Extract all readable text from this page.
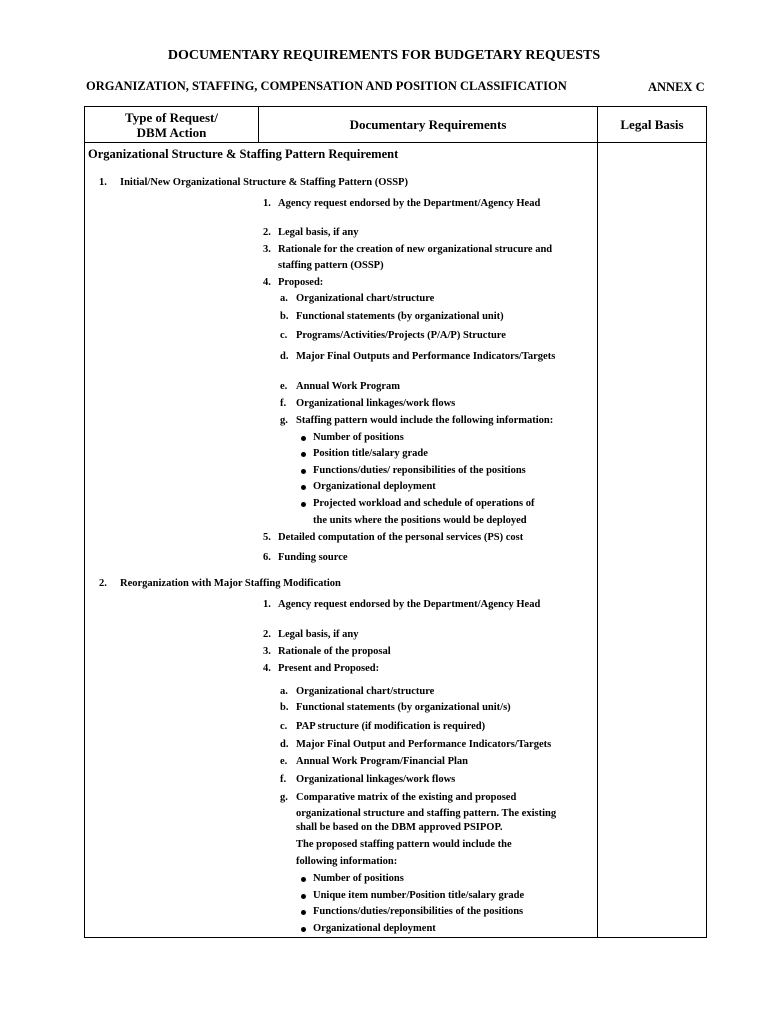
DOCUMENTARY REQUIREMENTS FOR BUDGETARY REQUESTS
ORGANIZATION, STAFFING, COMPENSATION AND POSITION CLASSIFICATION	ANNEX C
Type of Request/
DBM Action	Documentary Requirements	Legal Basis
Organizational Structure & Staffing Pattern Requirement
1. Initial/New Organizational Structure & Staffing Pattern (OSSP)
1. Agency request endorsed by the Department/Agency Head
2. Legal basis, if any
3. Rationale for the creation of new organizational strucure and
staffing pattern (OSSP)
4. Proposed:
a. Organizational chart/structure
b. Functional statements (by organizational unit)
c. Programs/Activities/Projects (P/A/P) Structure
d. Major Final Outputs and Performance Indicators/Targets
e. Annual Work Program
f. Organizational linkages/work flows
g. Staffing pattern would include the following information:
Number of positions
Position title/salary grade
Functions/duties/ reponsibilities of the positions
Organizational deployment
Projected workload and schedule of operations of
the units where the positions would be deployed
5. Detailed computation of the personal services (PS) cost
6. Funding source
2. Reorganization with Major Staffing Modification
1. Agency request endorsed by the Department/Agency Head
2. Legal basis, if any
3. Rationale of the proposal
4. Present and Proposed:
a. Organizational chart/structure
b. Functional statements (by organizational unit/s)
c. PAP structure (if modification is required)
d. Major Final Output and Performance Indicators/Targets
e. Annual Work Program/Financial Plan
f. Organizational linkages/work flows
g. Comparative matrix of the existing and proposed
organizational structure and staffing pattern. The existing
shall be based on the DBM approved PSIPOP.
The proposed staffing pattern would include the
following information:
Number of positions
Unique item number/Position title/salary grade
Functions/duties/reponsibilities of the positions
Organizational deployment
